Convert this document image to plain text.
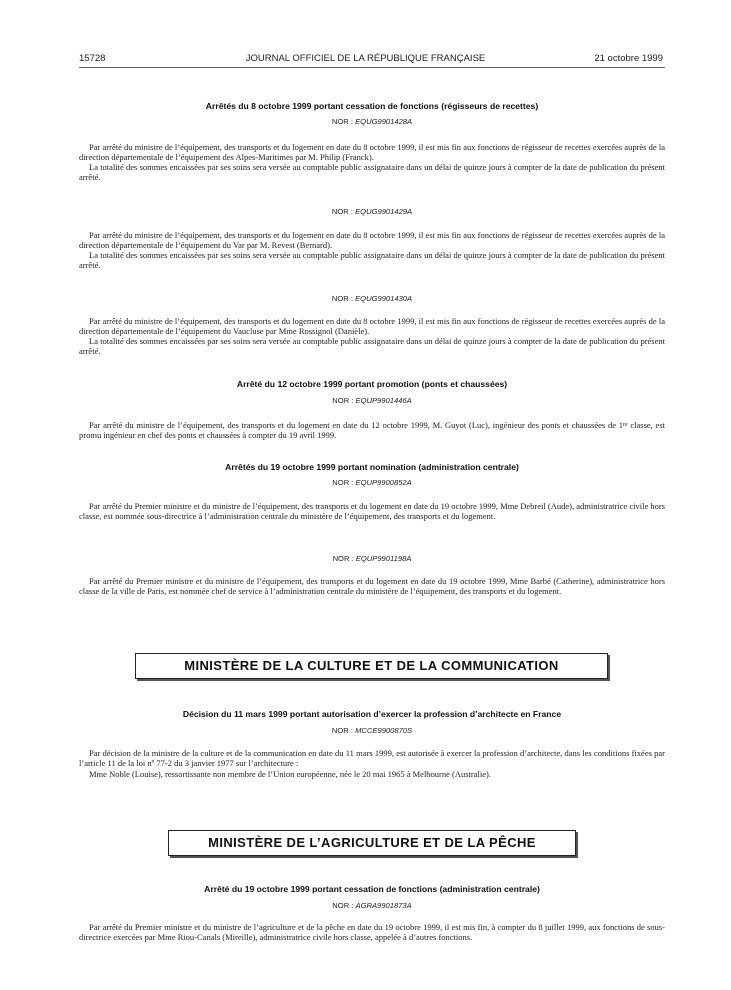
15728	JOURNAL OFFICIEL DE LA RÉPUBLIQUE FRANÇAISE	21 octobre 1999
Arrêtés du 8 octobre 1999 portant cessation de fonctions (régisseurs de recettes)
NOR : EQUG9901428A

Par arrêté du ministre de l’équipement, des transports et du logement en date du 8 octobre 1999, il est mis fin aux fonctions de régisseur de recettes exercées auprès de la direction départementale de l’équipement des Alpes-Maritimes par M. Philip (Franck).

La totalité des sommes encaissées par ses soins sera versée au comptable public assignataire dans un délai de quinze jours à compter de la date de publication du présent arrêté.

NOR : EQUG9901429A

Par arrêté du ministre de l’équipement, des transports et du logement en date du 8 octobre 1999, il est mis fin aux fonctions de régisseur de recettes exercées auprès de la direction départementale de l’équipement du Var par M. Revest (Bernard).

La totalité des sommes encaissées par ses soins sera versée au comptable public assignataire dans un délai de quinze jours à compter de la date de publication du présent arrêté.

NOR : EQUG9901430A

Par arrêté du ministre de l’équipement, des transports et du logement en date du 8 octobre 1999, il est mis fin aux fonctions de régisseur de recettes exercées auprès de la direction départementale de l’équipement du Vaucluse par Mme Rossignol (Danièle).

La totalité des sommes encaissées par ses soins sera versée au comptable public assignataire dans un délai de quinze jours à compter de la date de publication du présent arrêté.

Arrêté du 12 octobre 1999 portant promotion (ponts et chaussées)
NOR : EQUP9901446A

Par arrêté du ministre de l’équipement, des transports et du logement en date du 12 octobre 1999, M. Guyot (Luc), ingénieur des ponts et chaussées de 1re classe, est promu ingénieur en chef des ponts et chaussées à compter du 19 avril 1999.

Arrêtés du 19 octobre 1999 portant nomination (administration centrale)
NOR : EQUP9900852A

Par arrêté du Premier ministre et du ministre de l’équipement, des transports et du logement en date du 19 octobre 1999, Mme Debreil (Aude), administratrice civile hors classe, est nommée sous-directrice à l’administration centrale du ministère de l’équipement, des transports et du logement.

NOR : EQUP9901198A

Par arrêté du Premier ministre et du ministre de l’équipement, des transports et du logement en date du 19 octobre 1999, Mme Barbé (Catherine), administratrice hors classe de la ville de Paris, est nommée chef de service à l’administration centrale du ministère de l’équipement, des transports et du logement.

MINISTÈRE DE LA CULTURE ET DE LA COMMUNICATION
Décision du 11 mars 1999 portant autorisation d’exercer la profession d’architecte en France
NOR : MCCE9900870S

Par décision de la ministre de la culture et de la communication en date du 11 mars 1999, est autorisée à exercer la profession d’architecte, dans les conditions fixées par l’article 11 de la loi nº 77-2 du 3 janvier 1977 sur l’architecture :

Mme Noble (Louise), ressortissante non membre de l’Union européenne, née le 20 mai 1965 à Melbourne (Australie).

MINISTÈRE DE L’AGRICULTURE ET DE LA PÊCHE
Arrêté du 19 octobre 1999 portant cessation de fonctions (administration centrale)
NOR : AGRA9901873A

Par arrêté du Premier ministre et du ministre de l’agriculture et de la pêche en date du 19 octobre 1999, il est mis fin, à compter du 8 juillet 1999, aux fonctions de sous-directrice exercées par Mme Riou-Canals (Mireille), administratrice civile hors classe, appelée à d’autres fonctions.
